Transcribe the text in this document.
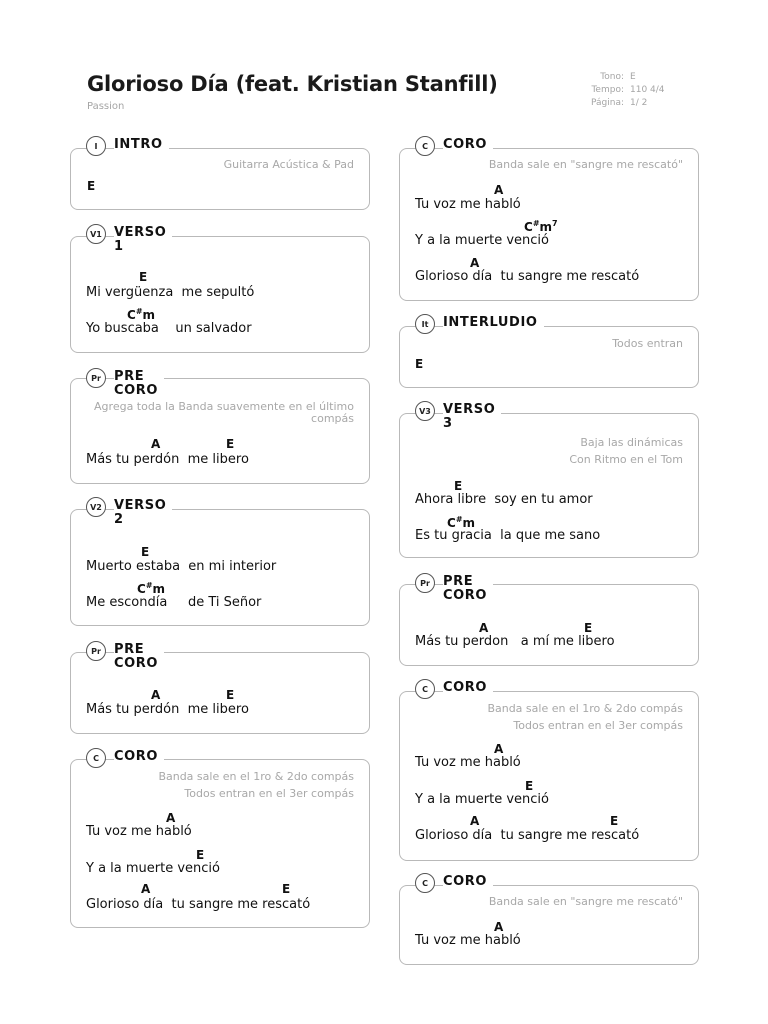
Glorioso Día (feat. Kristian Stanfill)
Passion
Tono: E
Tempo: 110 4/4
Página: 1/ 2
I	INTRO
Guitarra Acústica & Pad
E
V1 VERSO
1
E
Mi vergüenza  me sepultó
C#m
Yo buscaba    un salvador
Pr	PRE
CORO
Agrega toda la Banda suavemente en el último
compás
A	E
Más tu perdón  me libero
V2 VERSO
2
E
Muerto estaba  en mi interior
C#m
Me escondía     de Ti Señor
Pr	PRE
CORO
A	E
Más tu perdón  me libero
C	CORO
Banda sale en el 1ro & 2do compás
Todos entran en el 3er compás
A
Tu voz me habló
E
Y a la muerte venció
A	E
Glorioso día  tu sangre me rescató
C	CORO
Banda sale en "sangre me rescató"
A
Tu voz me habló
$C^{\#}m^7$
Y a la muerte venció
A
Glorioso día  tu sangre me rescató
It	INTERLUDIO
Todos entran
E
V3 VERSO
3
Baja las dinámicas
Con Ritmo en el Tom
E
Ahora libre  soy en tu amor
C#m
Es tu gracia  la que me sano
Pr	PRE
CORO
A	E
Más tu perdon   a mí me libero
C	CORO
Banda sale en el 1ro & 2do compás
Todos entran en el 3er compás
A
Tu voz me habló
E
Y a la muerte venció
A	E
Glorioso día  tu sangre me rescató
C	CORO
Banda sale en "sangre me rescató"
A
Tu voz me habló
